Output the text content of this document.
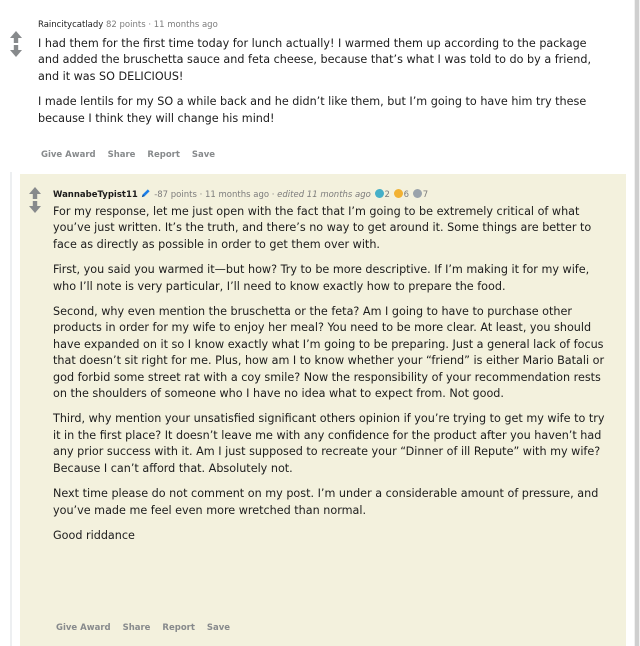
Raincitycatlady 82 points · 11 months ago

I had them for the first time today for lunch actually! I warmed them up according to the package and added the bruschetta sauce and feta cheese, because that’s what I was told to do by a friend, and it was SO DELICIOUS!

I made lentils for my SO a while back and he didn’t like them, but I’m going to have him try these because I think they will change his mind!

Give Award Share Report Save
WannabeTypist11 -87 points · 11 months ago · edited 11 months ago 2 6 7

For my response, let me just open with the fact that I’m going to be extremely critical of what you’ve just written. It’s the truth, and there’s no way to get around it. Some things are better to face as directly as possible in order to get them over with.

First, you said you warmed it—but how? Try to be more descriptive. If I’m making it for my wife, who I’ll note is very particular, I’ll need to know exactly how to prepare the food.

Second, why even mention the bruschetta or the feta? Am I going to have to purchase other products in order for my wife to enjoy her meal? You need to be more clear. At least, you should have expanded on it so I know exactly what I’m going to be preparing. Just a general lack of focus that doesn’t sit right for me. Plus, how am I to know whether your “friend” is either Mario Batali or god forbid some street rat with a coy smile? Now the responsibility of your recommendation rests on the shoulders of someone who I have no idea what to expect from. Not good.

Third, why mention your unsatisfied significant others opinion if you’re trying to get my wife to try it in the first place? It doesn’t leave me with any confidence for the product after you haven’t had any prior success with it. Am I just supposed to recreate your “Dinner of ill Repute” with my wife? Because I can’t afford that. Absolutely not.

Next time please do not comment on my post. I’m under a considerable amount of pressure, and you’ve made me feel even more wretched than normal.

Good riddance

Give Award Share Report Save
